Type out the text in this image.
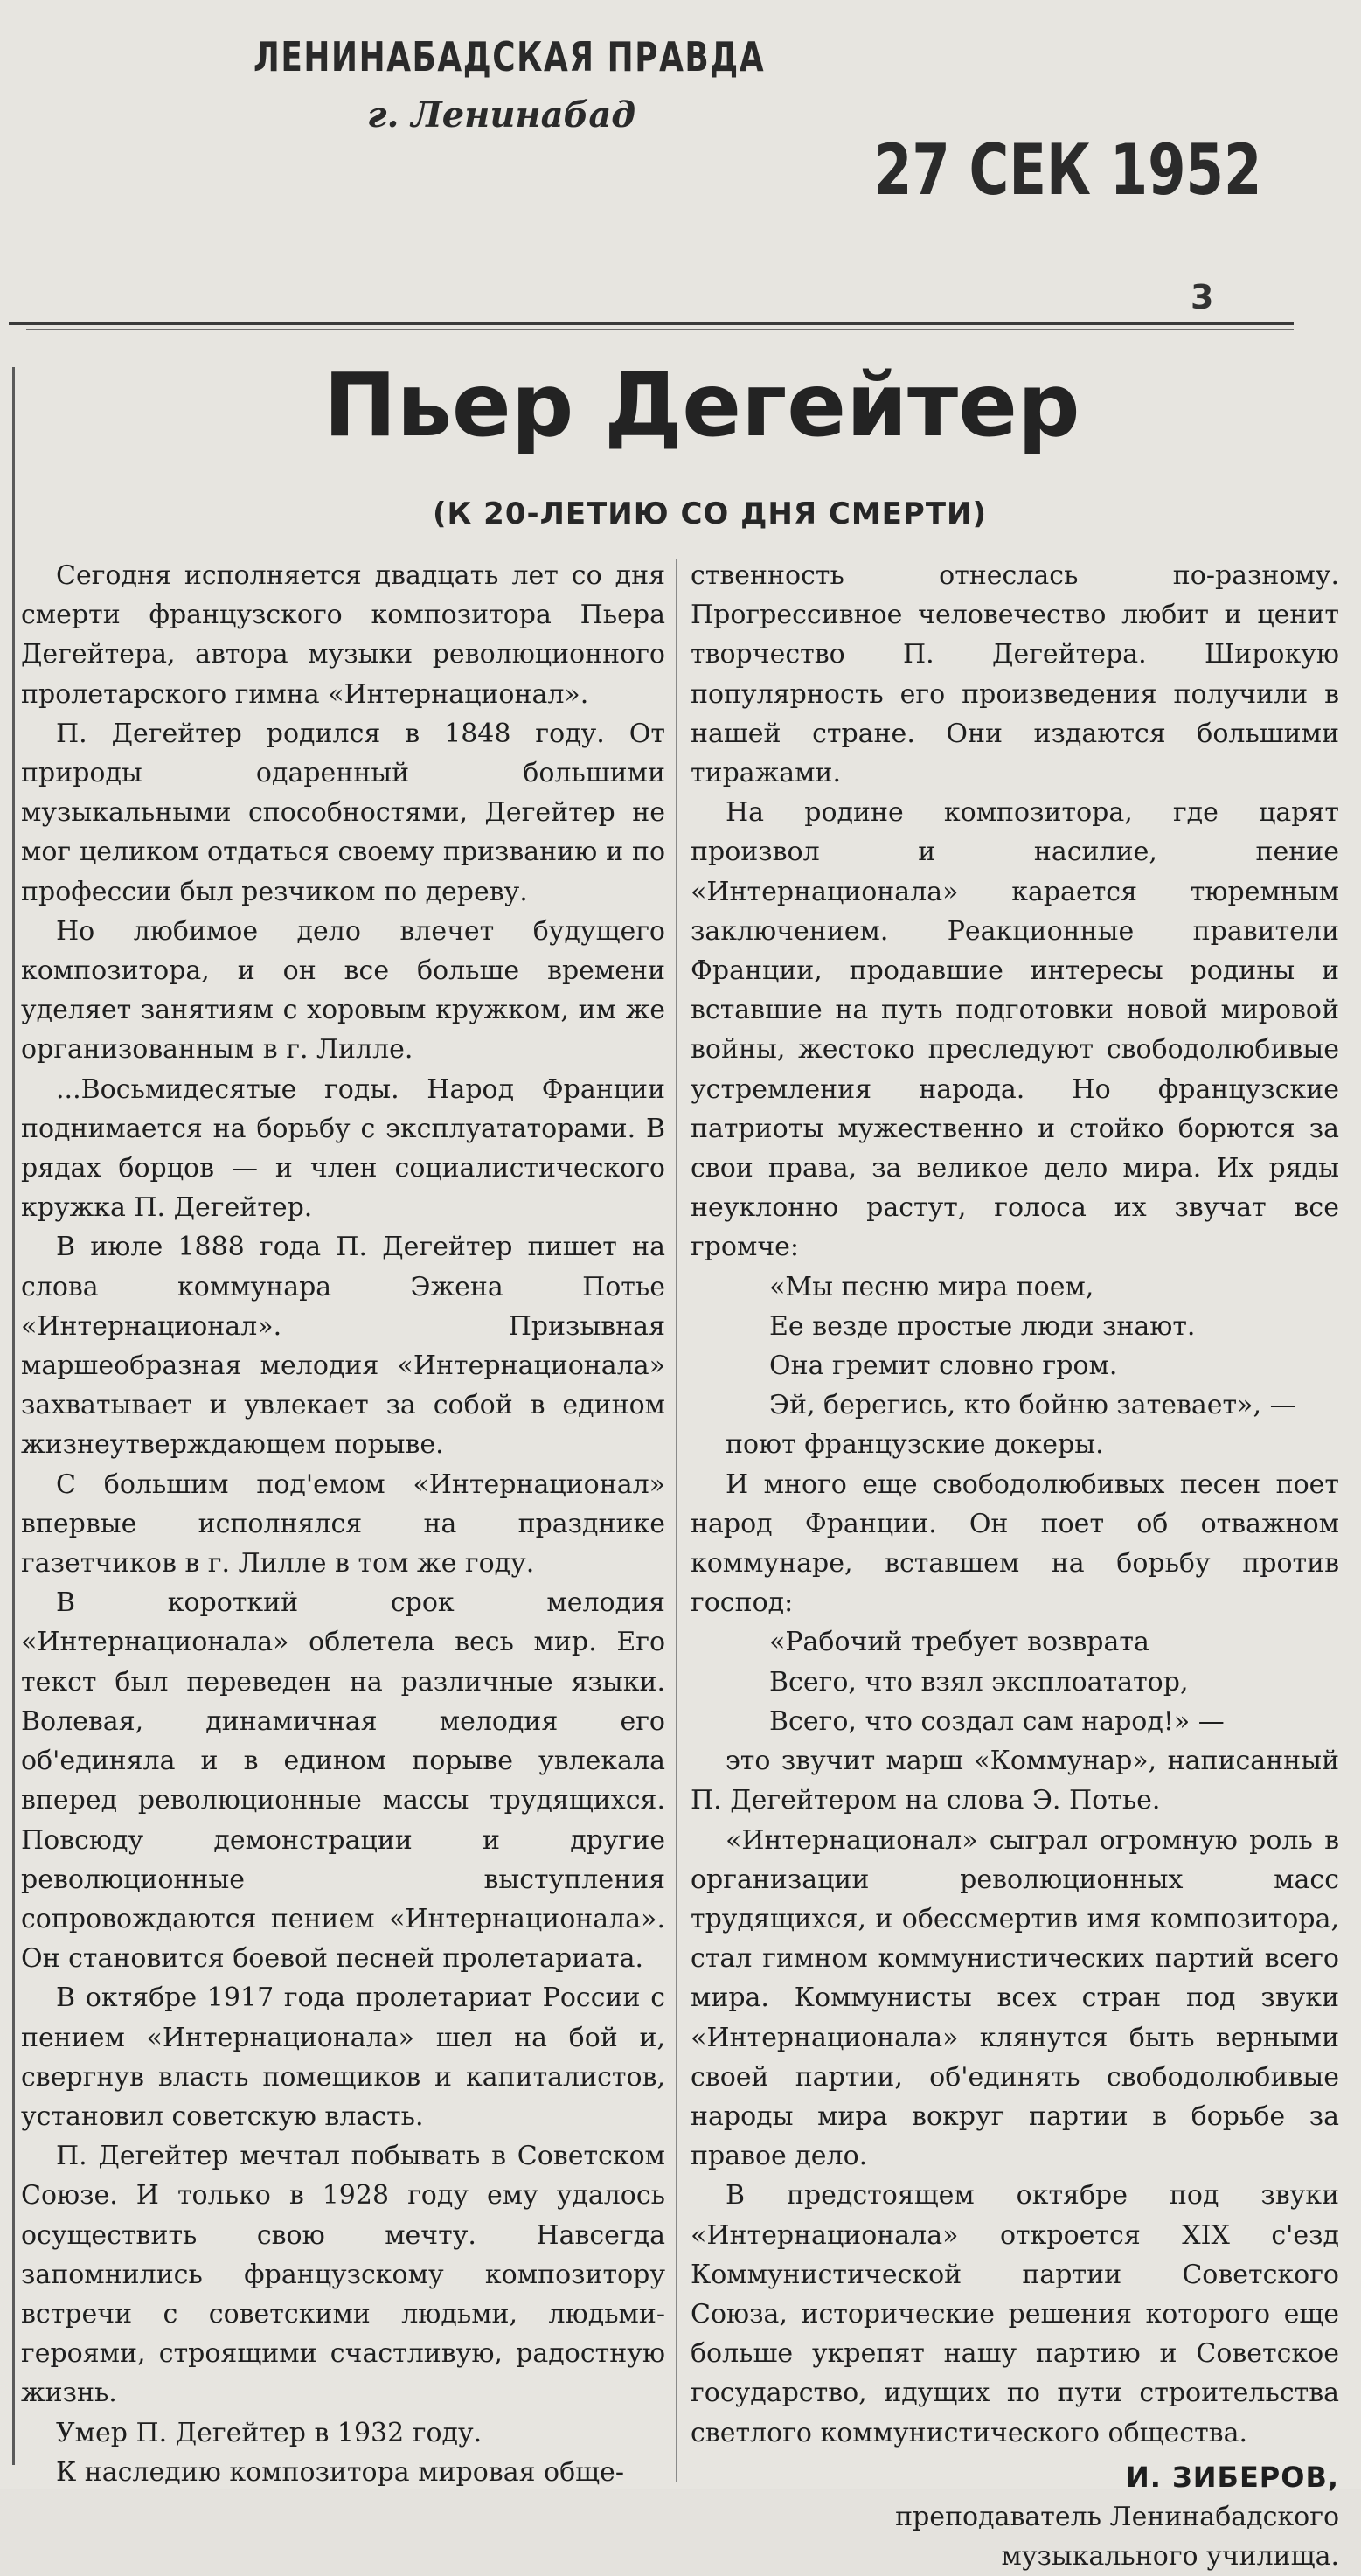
ЛЕНИНАБАДСКАЯ ПРАВДА
г. Ленинабад
27 СЕК 1952
3
Пьер Дегейтер
(К 20-ЛЕТИЮ СО ДНЯ СМЕРТИ)

Сегодня исполняется двадцать лет со дня смерти французского композитора Пьера Дегейтера, автора музыки революционного пролетарского гимна «Интернационал».

П. Дегейтер родился в 1848 году. От природы одаренный большими музыкальными способностями, Дегейтер не мог целиком отдаться своему призванию и по профессии был резчиком по дереву.

Но любимое дело влечет будущего композитора, и он все больше времени уделяет занятиям с хоровым кружком, им же организованным в г. Лилле.

...Восьмидесятые годы. Народ Франции поднимается на борьбу с эксплуататорами. В рядах борцов — и член социалистического кружка П. Дегейтер.

В июле 1888 года П. Дегейтер пишет на слова коммунара Эжена Потье «Интернационал». Призывная маршеобразная мелодия «Интернационала» захватывает и увлекает за собой в едином жизнеутверждающем порыве.

С большим под'емом «Интернационал» впервые исполнялся на празднике газетчиков в г. Лилле в том же году.

В короткий срок мелодия «Интернационала» облетела весь мир. Его текст был переведен на различные языки. Волевая, динамичная мелодия его об'единяла и в едином порыве увлекала вперед революционные массы трудящихся. Повсюду демонстрации и другие революционные выступления сопровождаются пением «Интернационала». Он становится боевой песней пролетариата.

В октябре 1917 года пролетариат России с пением «Интернационала» шел на бой и, свергнув власть помещиков и капиталистов, установил советскую власть.

П. Дегейтер мечтал побывать в Советском Союзе. И только в 1928 году ему удалось осуществить свою мечту. Навсегда запомнились французскому композитору встречи с советскими людьми, людьми-героями, строящими счастливую, радостную жизнь.

Умер П. Дегейтер в 1932 году.

К наследию композитора мировая обще-

ственность отнеслась по-разному. Прогрессивное человечество любит и ценит творчество П. Дегейтера. Широкую популярность его произведения получили в нашей стране. Они издаются большими тиражами.

На родине композитора, где царят произвол и насилие, пение «Интернационала» карается тюремным заключением. Реакционные правители Франции, продавшие интересы родины и вставшие на путь подготовки новой мировой войны, жестоко преследуют свободолюбивые устремления народа. Но французские патриоты мужественно и стойко борются за свои права, за великое дело мира. Их ряды неуклонно растут, голоса их звучат все громче:

«Мы песню мира поем,
Ее везде простые люди знают.
Она гремит словно гром.
Эй, берегись, кто бойню затевает», —

поют французские докеры.

И много еще свободолюбивых песен поет народ Франции. Он поет об отважном коммунаре, вставшем на борьбу против господ:

«Рабочий требует возврата
Всего, что взял эксплоататор,
Всего, что создал сам народ!» —

это звучит марш «Коммунар», написанный П. Дегейтером на слова Э. Потье.

«Интернационал» сыграл огромную роль в организации революционных масс трудящихся, и обессмертив имя композитора, стал гимном коммунистических партий всего мира. Коммунисты всех стран под звуки «Интернационала» клянутся быть верными своей партии, об'единять свободолюбивые народы мира вокруг партии в борьбе за правое дело.

В предстоящем октябре под звуки «Интернационала» откроется XIX с'езд Коммунистической партии Советского Союза, исторические решения которого еще больше укрепят нашу партию и Советское государство, идущих по пути строительства светлого коммунистического общества.

И. ЗИБЕРОВ,
преподаватель Ленинабадского
музыкального училища.
